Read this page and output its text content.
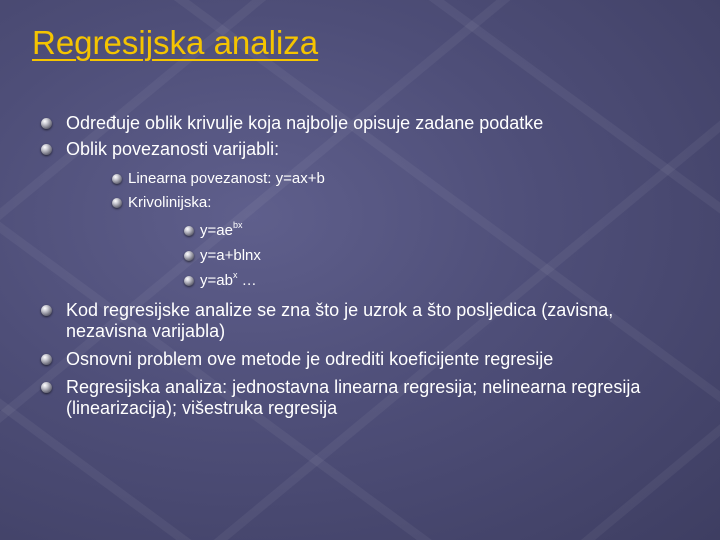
Regresijska analiza
Određuje oblik krivulje koja najbolje opisuje zadane podatke
Oblik povezanosti varijabli:
Linearna povezanost: y=ax+b
Krivolinijska:
$y=ae^{bx}$
y=a+blnx
$y=ab^x$ …
Kod regresijske analize se zna što je uzrok a što posljedica (zavisna, nezavisna varijabla)
Osnovni problem ove metode je odrediti koeficijente regresije
Regresijska analiza: jednostavna linearna regresija; nelinearna regresija (linearizacija); višestruka regresija
